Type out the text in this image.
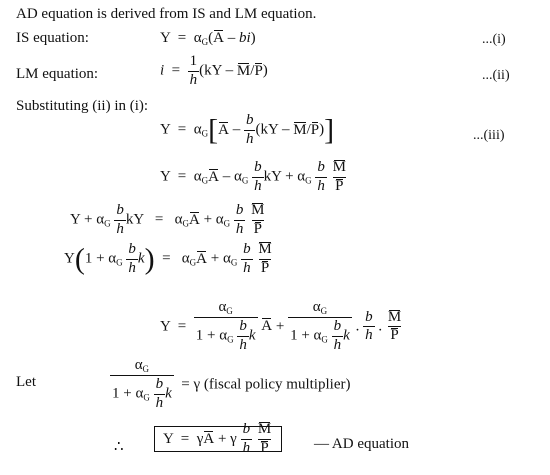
AD equation is derived from IS and LM equation.
IS equation:	$Y = \alpha_G(A - bi)$	...(i)
LM equation:	$i = \frac{1}{h} (kY - M/P)$	...(ii)
Substituting (ii) in (i):
$Y = \alpha_G[A - \frac{b}{h} (kY - M/P)]$	...(iii)
$Y = \alpha_GA - \alpha_G \frac{b}{h}$ kY + $\alpha_G \frac{b}{h}$
$\frac{M}{P}$
$Y + \alpha_G \frac{b}{h}$ kY   =   $\alpha_GA + \alpha_G \frac{b}{h}$
$\frac{M}{P}$
$Y(1 + \alpha_G \frac{b}{h} k) = \alpha_GA + \alpha_G \frac{b}{h}$
$\frac{M}{P}$
$Y = \frac{\alpha_G}{1 + \alpha_G \frac{b}{h} k}$ $A + \frac{\alpha_G}{1 + \alpha_G \frac{b}{h} k}$ . $\frac{b}{h}$ . $\frac{M}{P}$
Let	$\frac{\alpha_G}{1 + \alpha_G \frac{b}{h} k} = \gamma$ (fiscal policy multiplier)
∴
Y  =  γA + γ $\frac{b}{h}$
$\frac{M}{P}$	— AD equation
